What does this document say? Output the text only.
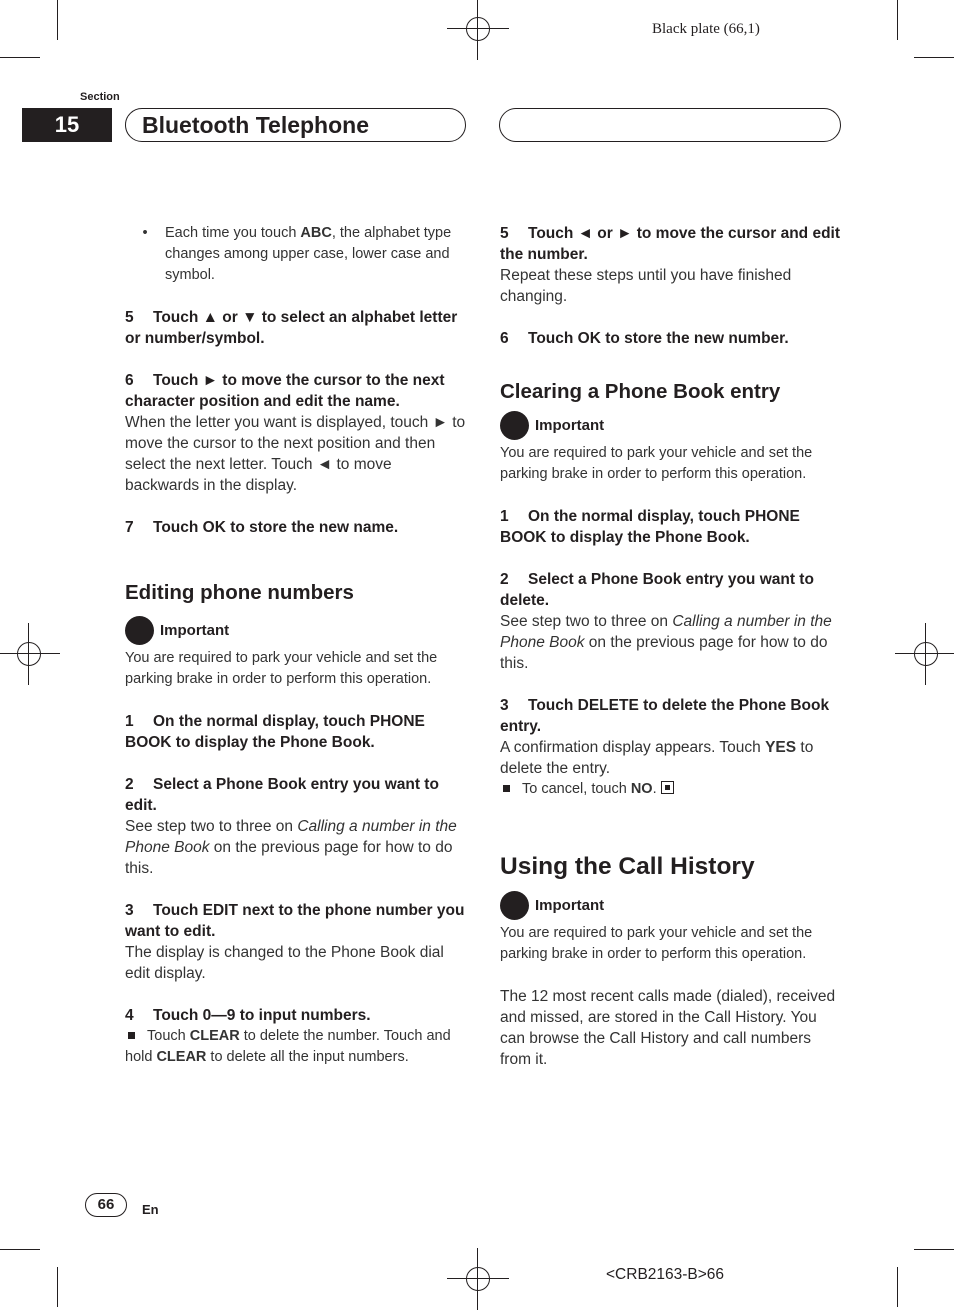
Black plate (66,1)
Section
15	Bluetooth Telephone
•	Each time you touch ABC, the alphabet type changes among upper case, lower case and symbol.

5 Touch ▲ or ▼ to select an alphabet letter or number/symbol.

6 Touch ► to move the cursor to the next character position and edit the name.

When the letter you want is displayed, touch ► to move the cursor to the next position and then select the next letter. Touch ◄ to move backwards in the display.

7 Touch OK to store the new name.

Editing phone numbers

Important

You are required to park your vehicle and set the parking brake in order to perform this operation.

1 On the normal display, touch PHONE BOOK to display the Phone Book.

2 Select a Phone Book entry you want to edit.

See step two to three on Calling a number in the Phone Book on the previous page for how to do this.

3 Touch EDIT next to the phone number you want to edit.

The display is changed to the Phone Book dial edit display.

4 Touch 0—9 to input numbers.

Touch CLEAR to delete the number. Touch and hold CLEAR to delete all the input numbers.

5 Touch ◄ or ► to move the cursor and edit the number.

Repeat these steps until you have finished changing.

6 Touch OK to store the new number.

Clearing a Phone Book entry

Important

You are required to park your vehicle and set the parking brake in order to perform this operation.

1 On the normal display, touch PHONE BOOK to display the Phone Book.

2 Select a Phone Book entry you want to delete.

See step two to three on Calling a number in the Phone Book on the previous page for how to do this.

3 Touch DELETE to delete the Phone Book entry.

A confirmation display appears. Touch YES to delete the entry.

To cancel, touch NO.

Using the Call History

Important

You are required to park your vehicle and set the parking brake in order to perform this operation.

The 12 most recent calls made (dialed), received and missed, are stored in the Call History. You can browse the Call History and call numbers from it.

66	En
<CRB2163-B>66
